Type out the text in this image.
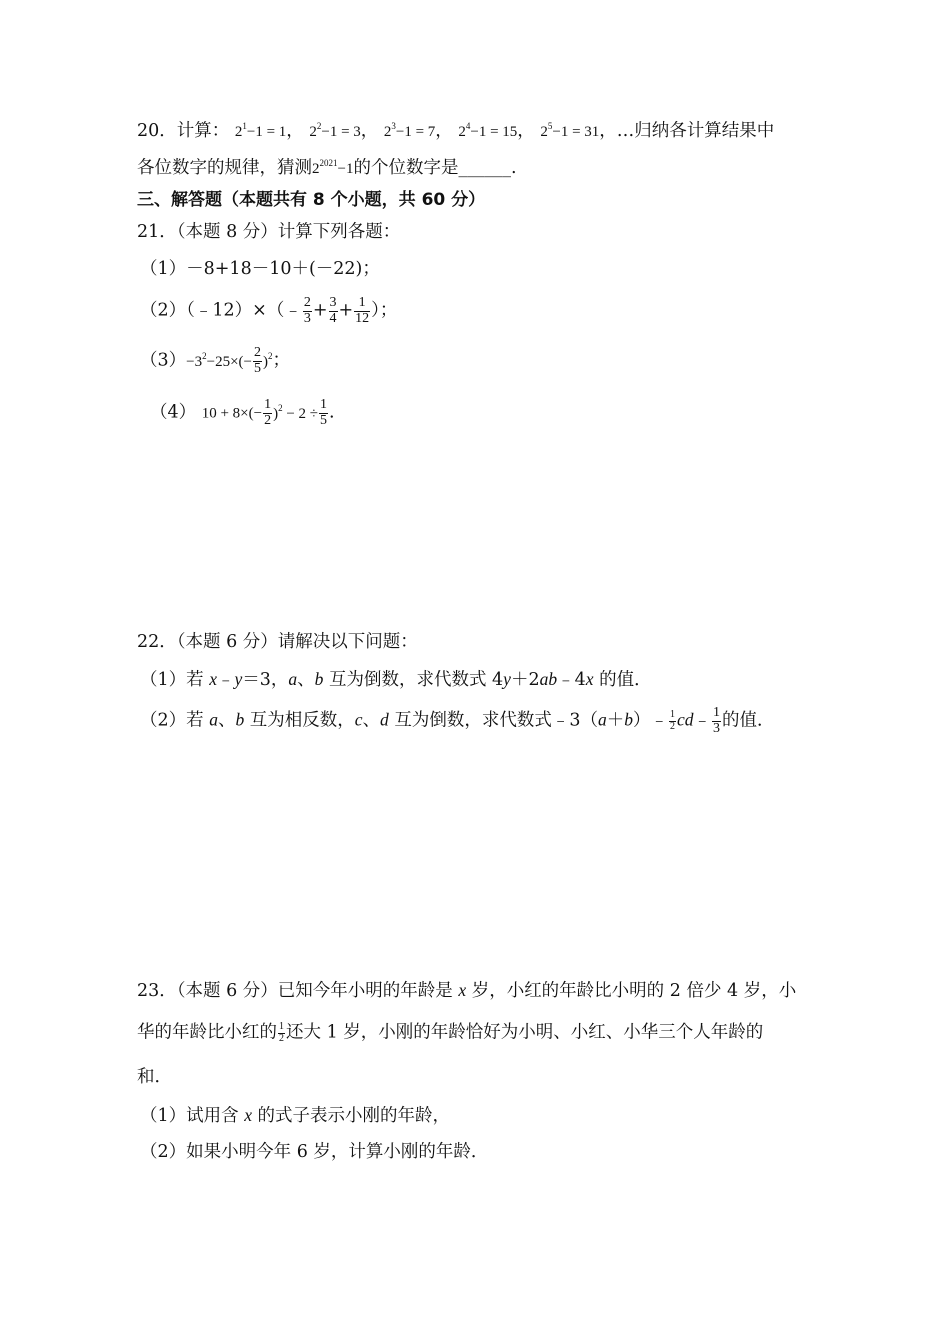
20．计算： $2^1-1 = 1$， $2^2-1 = 3$， $2^3-1 = 7$， $2^4-1 = 15$， $2^5-1 = 31$，…归纳各计算结果中
各位数字的规律，猜测$2^{2021}-1$的个位数字是______.
三、解答题（本题共有 8 个小题，共 60 分）
21．（本题 8 分）计算下列各题：
（1）－8+18－10＋(－22)；
（2）（﹣12）×（﹣ $\frac{2}{3} + \frac{3}{4} + \frac{1}{12}$ ）；
$(3)-3^2-25\times(- \frac{2}{5} )^2$；
（4） $10 + 8\times(- \frac{1}{2} )^2 - 2 \div \frac{1}{5}$ .
22．（本题 6 分）请解决以下问题：
（1）若 x﹣y＝3，a、b 互为倒数，求代数式 4y＋2ab﹣4x 的值．
（2）若 a、b 互为相反数，c、d 互为倒数，求代数式﹣3（a＋b）﹣ $\frac{1}{2}$ cd﹣ $\frac{1}{3}$ 的值．
23．（本题 6 分）已知今年小明的年龄是 x 岁，小红的年龄比小明的 2 倍少 4 岁，小
华的年龄比小红的 $\frac{1}{2}$ 还大 1 岁，小刚的年龄恰好为小明、小红、小华三个人年龄的
和．
（1）试用含 x 的式子表示小刚的年龄，
（2）如果小明今年 6 岁，计算小刚的年龄．
